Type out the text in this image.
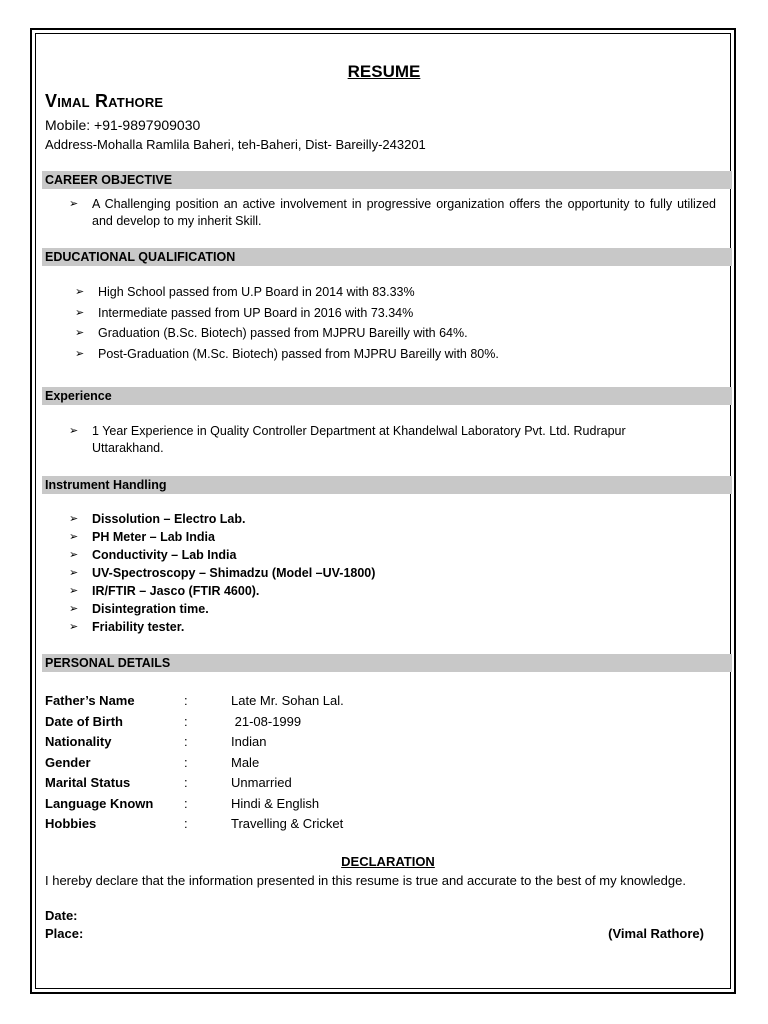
RESUME
Vimal Rathore
Mobile: +91-9897909030
Address-Mohalla Ramlila Baheri, teh-Baheri, Dist- Bareilly-243201
CAREER OBJECTIVE
➢ A Challenging position an active involvement in progressive organization offers the opportunity to fully utilized and develop to my inherit Skill.
EDUCATIONAL QUALIFICATION
➢ High School passed from U.P Board in 2014 with 83.33%
➢ Intermediate passed from UP Board in 2016 with 73.34%
➢ Graduation (B.Sc. Biotech) passed from MJPRU Bareilly with 64%.
➢ Post-Graduation (M.Sc. Biotech) passed from MJPRU Bareilly with 80%.
Experience
➢ 1 Year Experience in Quality Controller Department at Khandelwal Laboratory Pvt. Ltd. Rudrapur
Uttarakhand.
Instrument Handling
➢ Dissolution – Electro Lab.
➢ PH Meter – Lab India
➢ Conductivity – Lab India
➢ UV-Spectroscopy – Shimadzu (Model –UV-1800)
➢ IR/FTIR – Jasco (FTIR 4600).
➢ Disintegration time.
➢ Friability tester.
PERSONAL DETAILS
Father’s Name	:	Late Mr. Sohan Lal.
Date of Birth	:	21-08-1999
Nationality	:	Indian
Gender	:	Male
Marital Status	:	Unmarried
Language Known :	Hindi & English
Hobbies	:	Travelling & Cricket
DECLARATION
I hereby declare that the information presented in this resume is true and accurate to the best of my knowledge.
Date:
Place:	(Vimal Rathore)
